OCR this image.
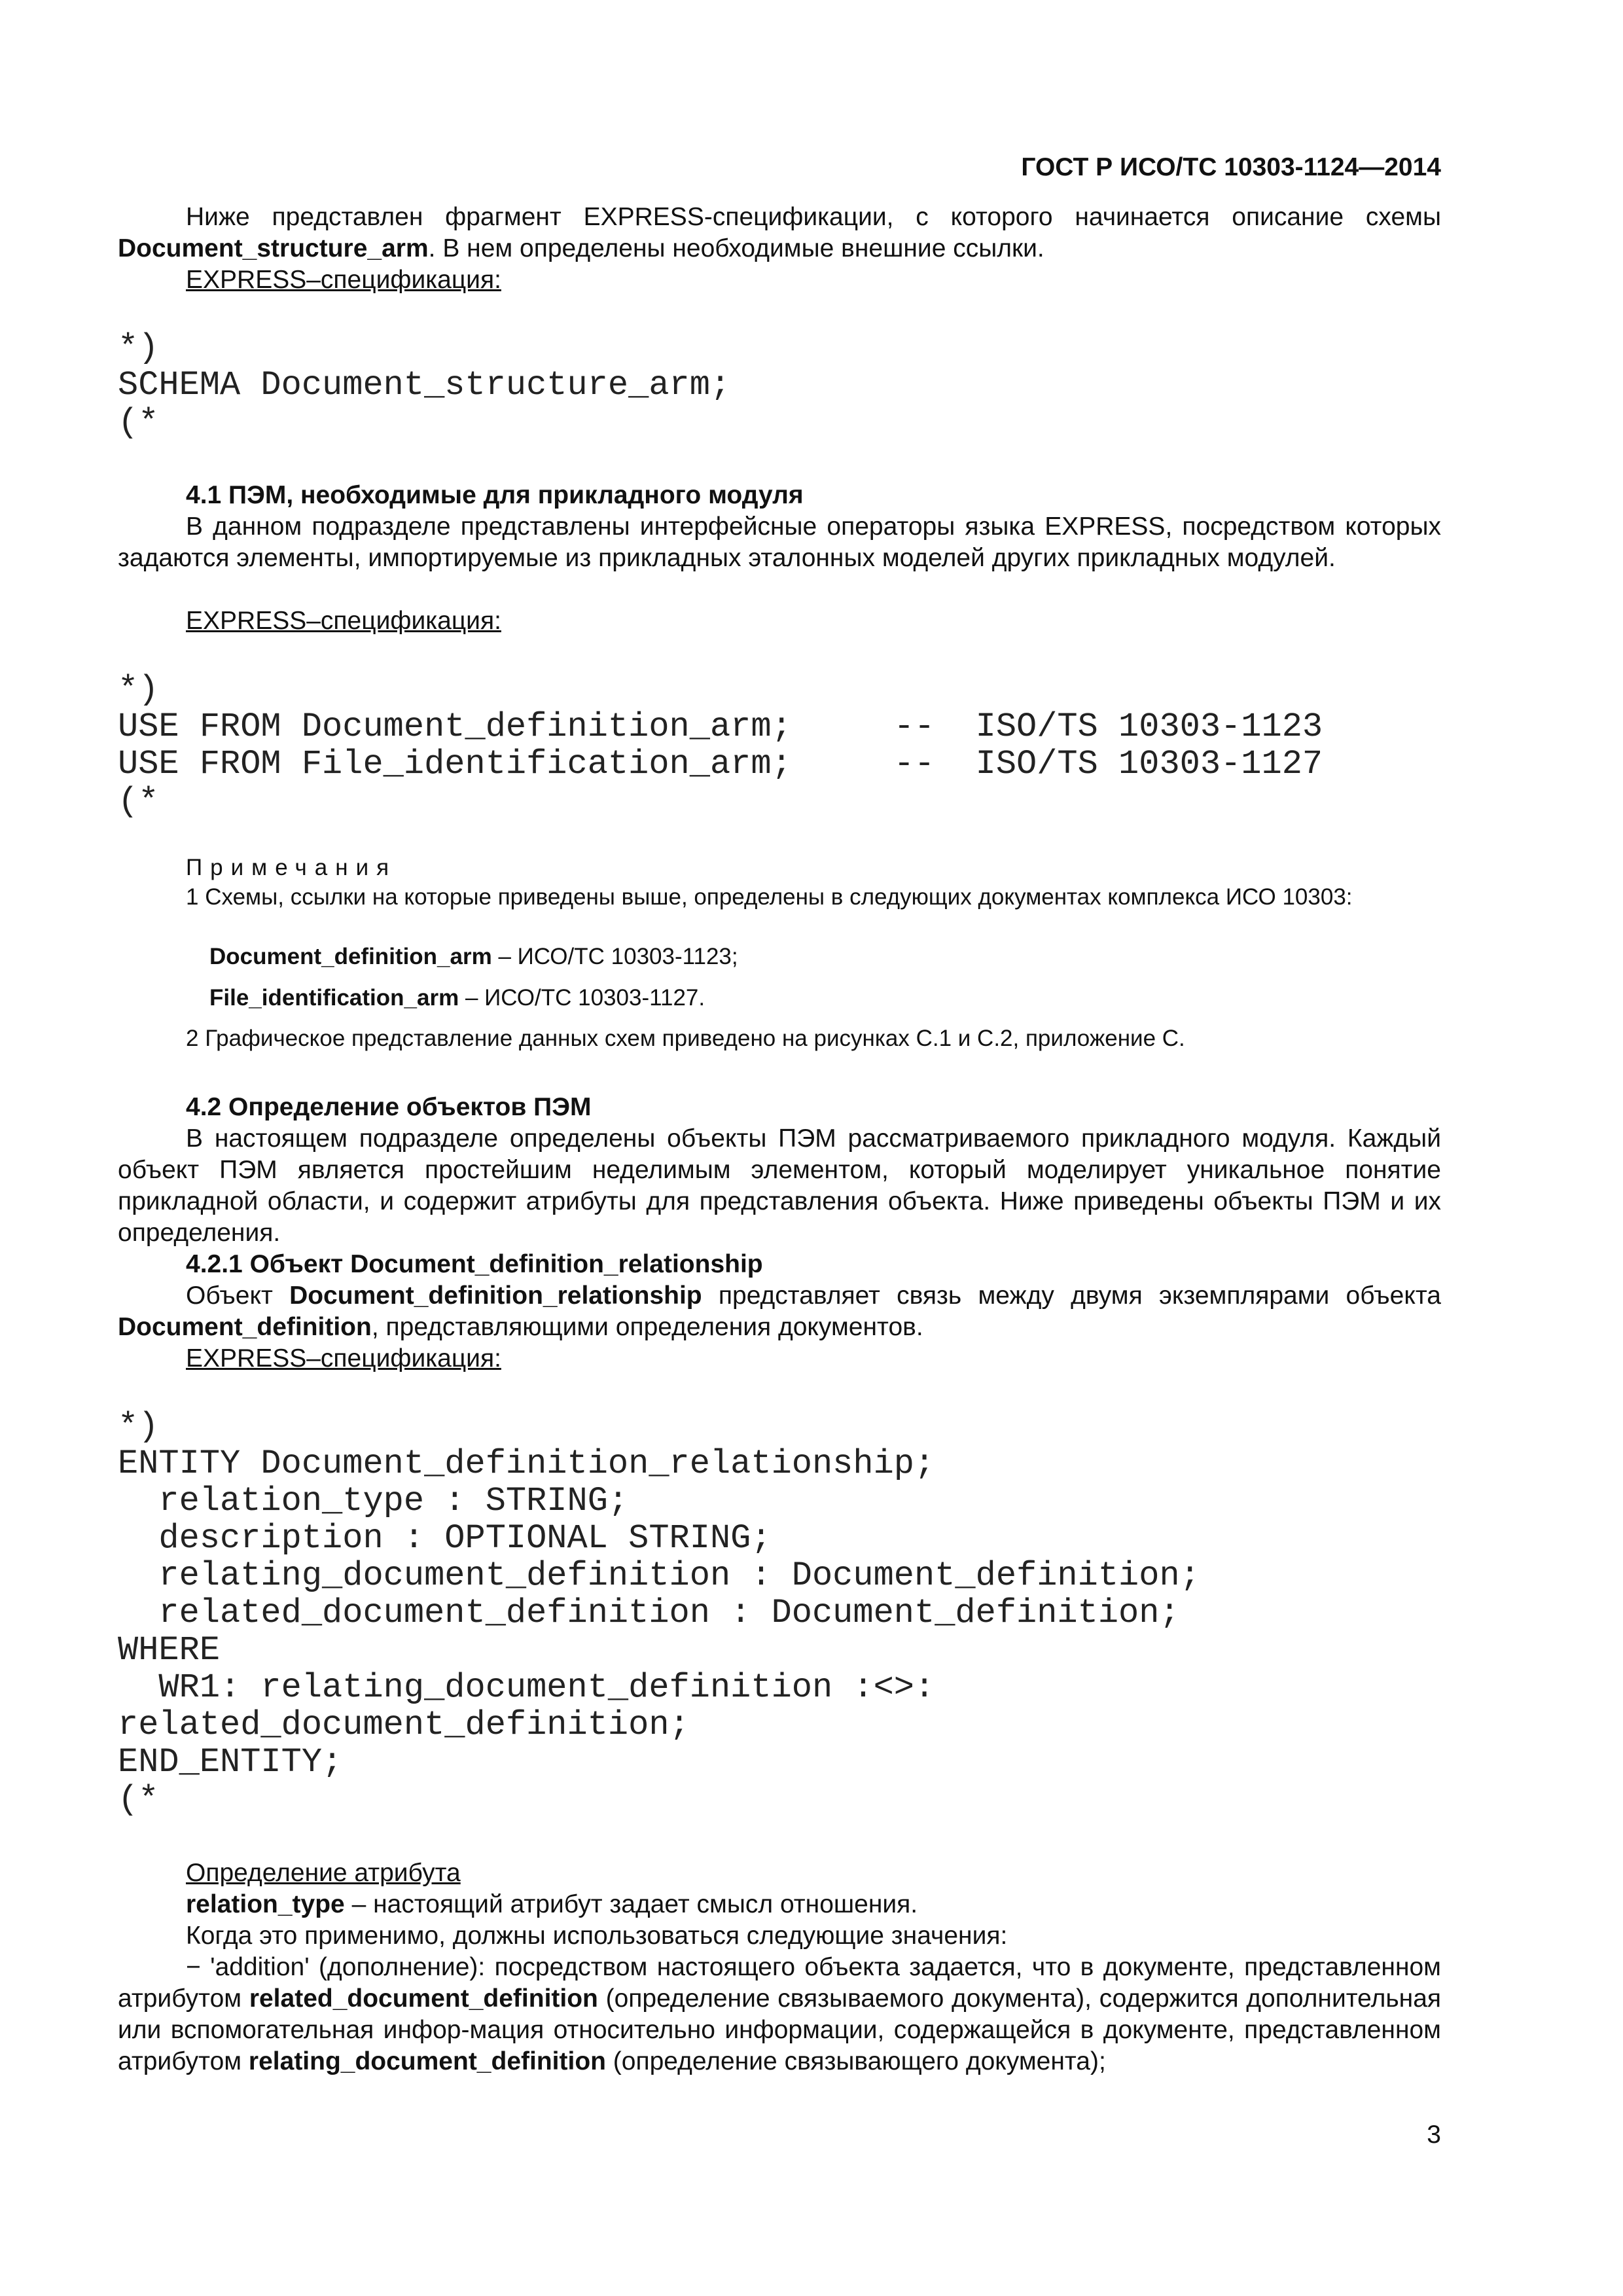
ГОСТ Р ИСО/ТС 10303-1124—2014

Ниже представлен фрагмент EXPRESS-спецификации, с которого начинается описание схемы Document_structure_arm. В нем определены необходимые внешние ссылки.

EXPRESS–спецификация:
*)
SCHEMA Document_structure_arm;
(*
4.1 ПЭМ, необходимые для прикладного модуля

В данном подразделе представлены интерфейсные операторы языка EXPRESS, посредством которых задаются элементы, импортируемые из прикладных эталонных моделей других прикладных модулей.

EXPRESS–спецификация:
*)
USE FROM Document_definition_arm;     --  ISO/TS 10303-1123
USE FROM File_identification_arm;     --  ISO/TS 10303-1127
(*
Примечания

1 Схемы, ссылки на которые приведены выше, определены в следующих документах комплекса ИСО 10303:

Document_definition_arm – ИСО/ТС 10303-1123;
File_identification_arm – ИСО/ТС 10303-1127.
2 Графическое представление данных схем приведено на рисунках С.1 и С.2, приложение С.
4.2 Определение объектов ПЭМ

В настоящем подразделе определены объекты ПЭМ рассматриваемого прикладного модуля. Каждый объект ПЭМ является простейшим неделимым элементом, который моделирует уникальное понятие прикладной области, и содержит атрибуты для представления объекта. Ниже приведены объекты ПЭМ и их определения.

4.2.1 Объект Document_definition_relationship

Объект Document_definition_relationship представляет связь между двумя экземплярами объекта Document_definition, представляющими определения документов.

EXPRESS–спецификация:
*)
ENTITY Document_definition_relationship;
relation_type : STRING;
description : OPTIONAL STRING;
relating_document_definition : Document_definition;
related_document_definition : Document_definition;
WHERE
WR1: relating_document_definition :<>:
related_document_definition;
END_ENTITY;
(*
Определение атрибута
relation_type – настоящий атрибут задает смысл отношения.
Когда это применимо, должны использоваться следующие значения:

− 'addition' (дополнение): посредством настоящего объекта задается, что в документе, представленном атрибутом related_document_definition (определение связываемого документа), содержится дополнительная или вспомогательная инфор-мация относительно информации, содержащейся в документе, представленном атрибутом relating_document_definition (определение связывающего документа);

3
